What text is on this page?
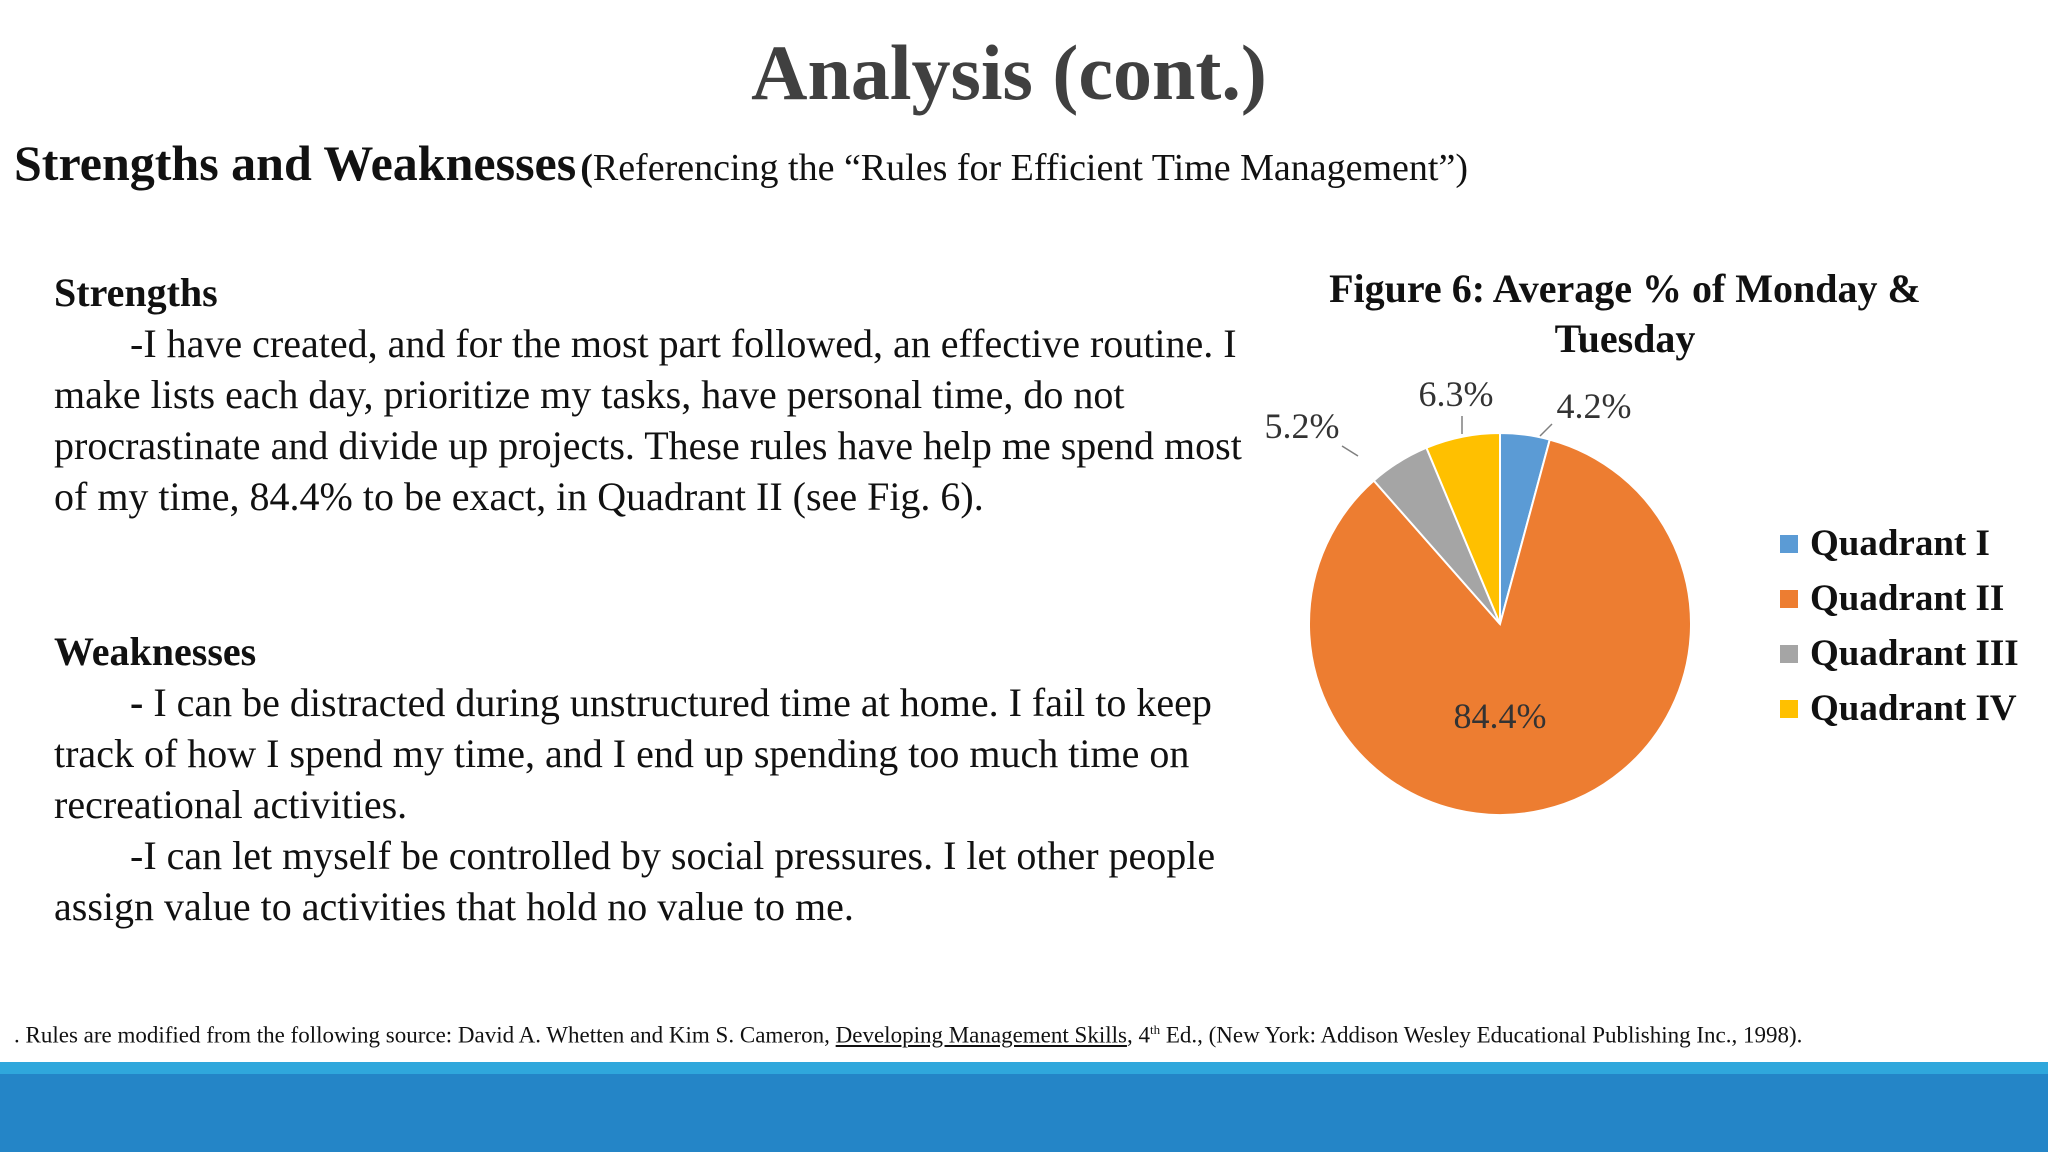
Analysis (cont.)
Strengths and Weaknesses (Referencing the “Rules for Efficient Time Management”)
Strengths

-I have created, and for the most part followed, an effective routine. I make lists each day, prioritize my tasks, have personal time, do not procrastinate and divide up projects. These rules have help me spend most of my time, 84.4% to be exact, in Quadrant II (see Fig. 6).

Weaknesses

- I can be distracted during unstructured time at home. I fail to keep track of how I spend my time, and I end up spending too much time on recreational activities.

-I can let myself be controlled by social pressures. I let other people assign value to activities that hold no value to me.

Figure 6: Average % of Monday & Tuesday
4.2%
84.4%
5.2%
6.3%
Quadrant I
Quadrant II
Quadrant III
Quadrant IV
. Rules are modified from the following source: David A. Whetten and Kim S. Cameron, Developing Management Skills, 4th Ed., (New York: Addison Wesley Educational Publishing Inc., 1998).
